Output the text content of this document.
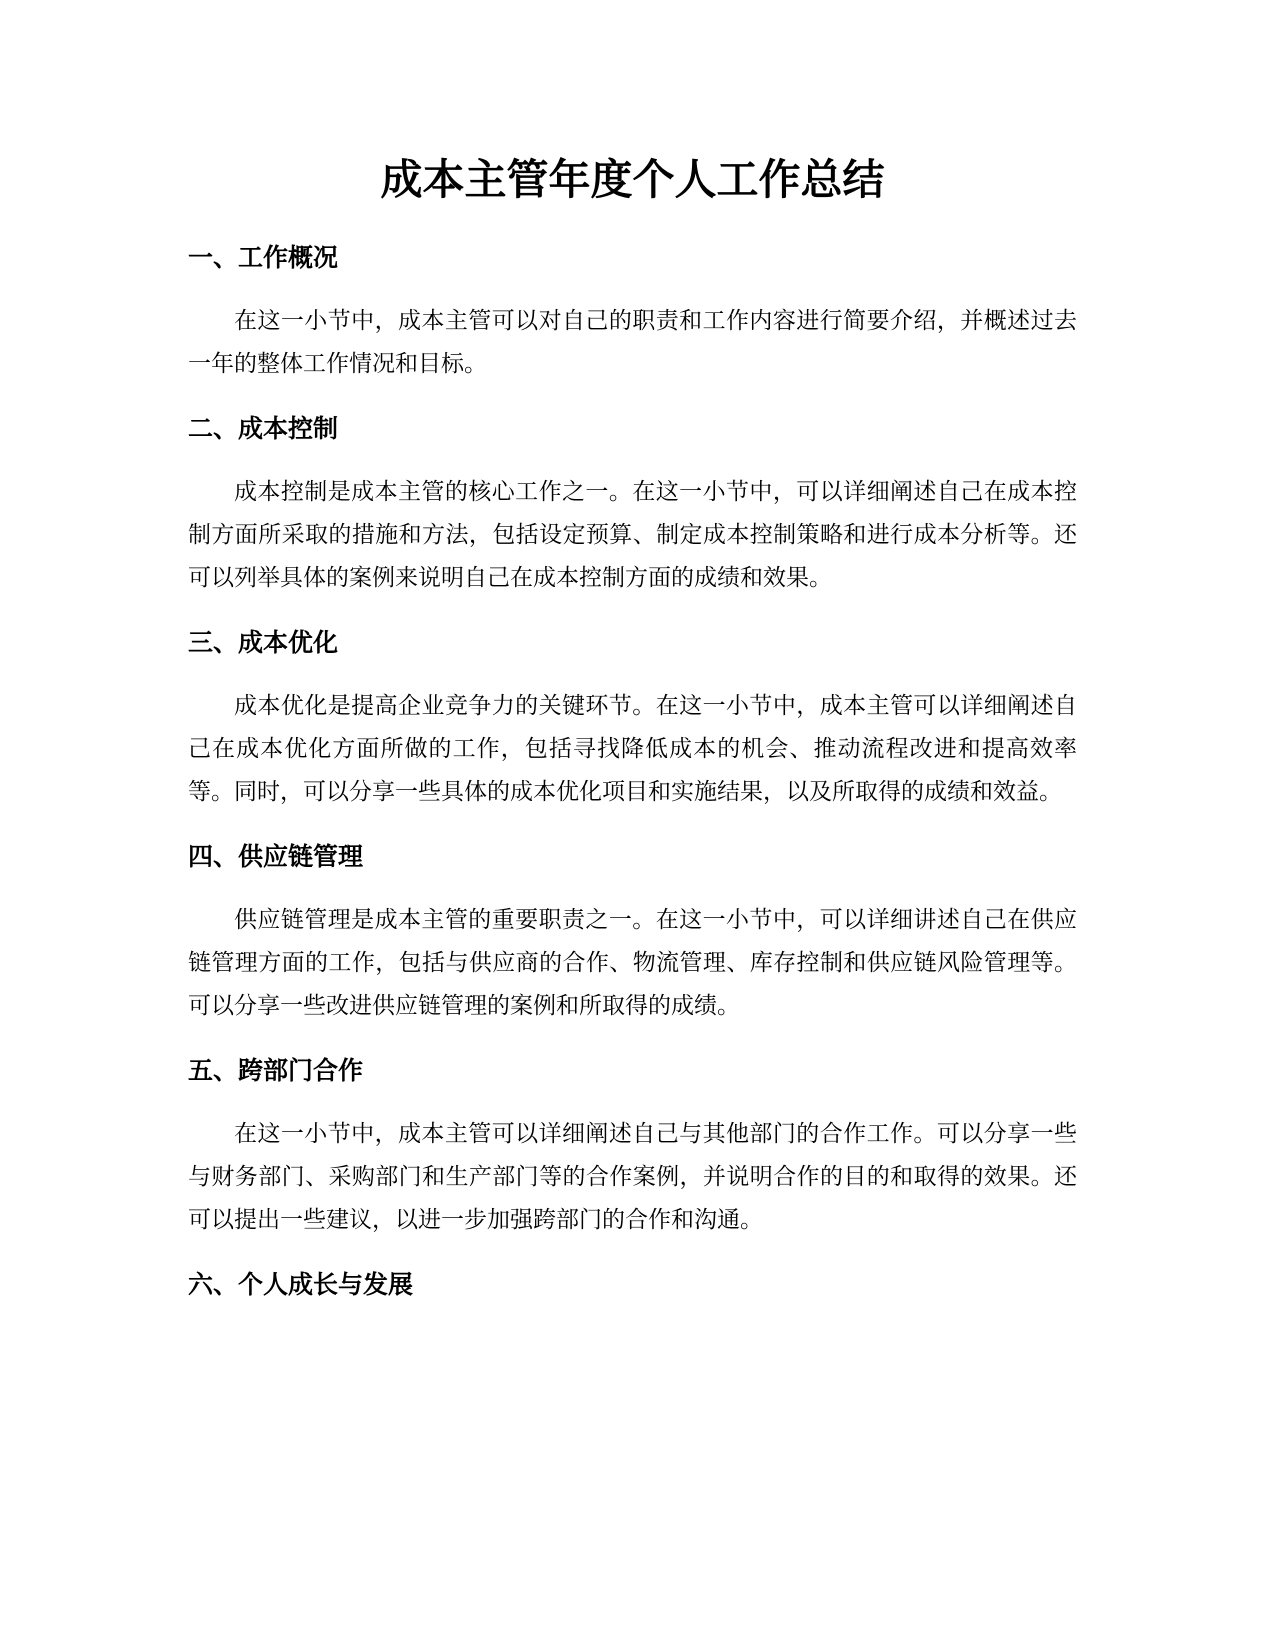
成本主管年度个人工作总结
一、工作概况

在这一小节中，成本主管可以对自己的职责和工作内容进行简要介绍，并概述过去一年的整体工作情况和目标。

二、成本控制

成本控制是成本主管的核心工作之一。在这一小节中，可以详细阐述自己在成本控制方面所采取的措施和方法，包括设定预算、制定成本控制策略和进行成本分析等。还可以列举具体的案例来说明自己在成本控制方面的成绩和效果。

三、成本优化

成本优化是提高企业竞争力的关键环节。在这一小节中，成本主管可以详细阐述自己在成本优化方面所做的工作，包括寻找降低成本的机会、推动流程改进和提高效率等。同时，可以分享一些具体的成本优化项目和实施结果，以及所取得的成绩和效益。

四、供应链管理

供应链管理是成本主管的重要职责之一。在这一小节中，可以详细讲述自己在供应链管理方面的工作，包括与供应商的合作、物流管理、库存控制和供应链风险管理等。可以分享一些改进供应链管理的案例和所取得的成绩。

五、跨部门合作

在这一小节中，成本主管可以详细阐述自己与其他部门的合作工作。可以分享一些与财务部门、采购部门和生产部门等的合作案例，并说明合作的目的和取得的效果。还可以提出一些建议，以进一步加强跨部门的合作和沟通。

六、个人成长与发展
